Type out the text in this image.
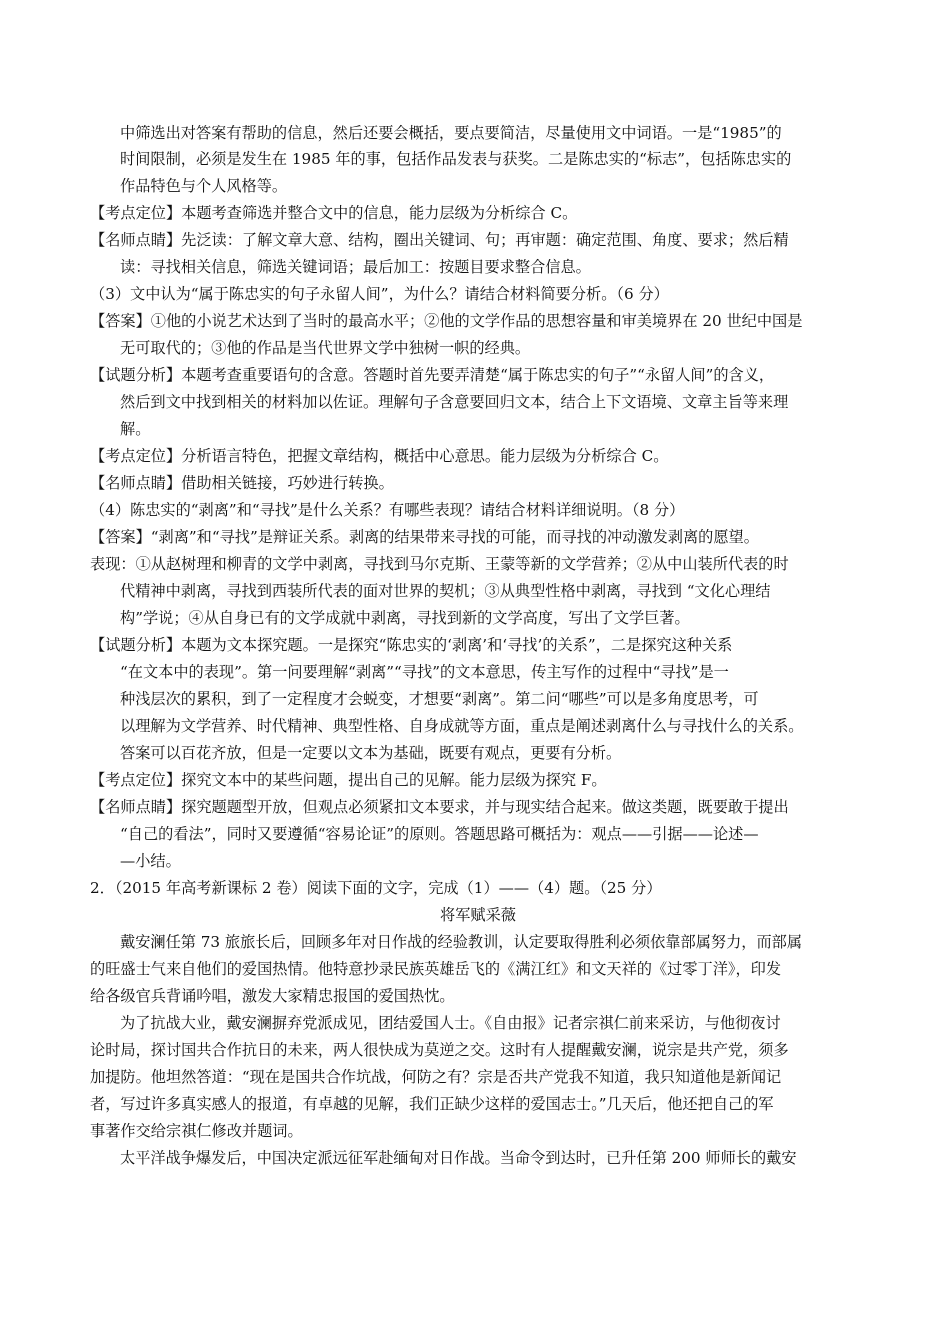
中筛选出对答案有帮助的信息，然后还要会概括，要点要简洁，尽量使用文中词语。一是“1985”的
时间限制，必须是发生在 1985 年的事，包括作品发表与获奖。二是陈忠实的“标志”，包括陈忠实的
作品特色与个人风格等。
【考点定位】本题考查筛选并整合文中的信息，能力层级为分析综合 C。
【名师点睛】先泛读：了解文章大意、结构，圈出关键词、句；再审题：确定范围、角度、要求；然后精
读：寻找相关信息，筛选关键词语；最后加工：按题目要求整合信息。
（3）文中认为“属于陈忠实的句子永留人间”，为什么？请结合材料简要分析。（6 分）
【答案】①他的小说艺术达到了当时的最高水平；②他的文学作品的思想容量和审美境界在 20 世纪中国是
无可取代的；③他的作品是当代世界文学中独树一帜的经典。
【试题分析】本题考查重要语句的含意。答题时首先要弄清楚“属于陈忠实的句子”“永留人间”的含义，
然后到文中找到相关的材料加以佐证。理解句子含意要回归文本，结合上下文语境、文章主旨等来理
解。
【考点定位】分析语言特色，把握文章结构，概括中心意思。能力层级为分析综合 C。
【名师点睛】借助相关链接，巧妙进行转换。
（4）陈忠实的“剥离”和“寻找”是什么关系？有哪些表现？请结合材料详细说明。（8 分）
【答案】“剥离”和“寻找”是辩证关系。剥离的结果带来寻找的可能，而寻找的冲动激发剥离的愿望。
表现：①从赵树理和柳青的文学中剥离，寻找到马尔克斯、王蒙等新的文学营养；②从中山装所代表的时
代精神中剥离，寻找到西装所代表的面对世界的契机；③从典型性格中剥离，寻找到 “文化心理结
构”学说；④从自身已有的文学成就中剥离，寻找到新的文学高度，写出了文学巨著。
【试题分析】本题为文本探究题。一是探究“陈忠实的‘剥离’和‘寻找’的关系”，二是探究这种关系
“在文本中的表现”。第一问要理解“剥离”“寻找”的文本意思，传主写作的过程中“寻找”是一
种浅层次的累积，到了一定程度才会蜕变，才想要“剥离”。第二问“哪些”可以是多角度思考，可
以理解为文学营养、时代精神、典型性格、自身成就等方面，重点是阐述剥离什么与寻找什么的关系。
答案可以百花齐放，但是一定要以文本为基础，既要有观点，更要有分析。
【考点定位】探究文本中的某些问题，提出自己的见解。能力层级为探究 F。
【名师点睛】探究题题型开放，但观点必须紧扣文本要求，并与现实结合起来。做这类题，既要敢于提出
“自己的看法”，同时又要遵循“容易论证”的原则。答题思路可概括为：观点——引据——论述—
—小结。
2．（2015 年高考新课标 2 卷）阅读下面的文字，完成（1）——（4）题。（25 分）
将军赋采薇
戴安澜任第 73 旅旅长后，回顾多年对日作战的经验教训，认定要取得胜利必须依靠部属努力，而部属
的旺盛士气来自他们的爱国热情。他特意抄录民族英雄岳飞的《满江红》和文天祥的《过零丁洋》，印发
给各级官兵背诵吟唱，激发大家精忠报国的爱国热忱。
为了抗战大业，戴安澜摒弃党派成见，团结爱国人士。《自由报》记者宗祺仁前来采访，与他彻夜讨
论时局，探讨国共合作抗日的未来，两人很快成为莫逆之交。这时有人提醒戴安澜，说宗是共产党，须多
加提防。他坦然答道：“现在是国共合作坑战，何防之有？宗是否共产党我不知道，我只知道他是新闻记
者，写过许多真实感人的报道，有卓越的见解，我们正缺少这样的爱国志士。”几天后，他还把自己的军
事著作交给宗祺仁修改并题词。
太平洋战争爆发后，中国决定派远征军赴缅甸对日作战。当命令到达时，已升任第 200 师师长的戴安
